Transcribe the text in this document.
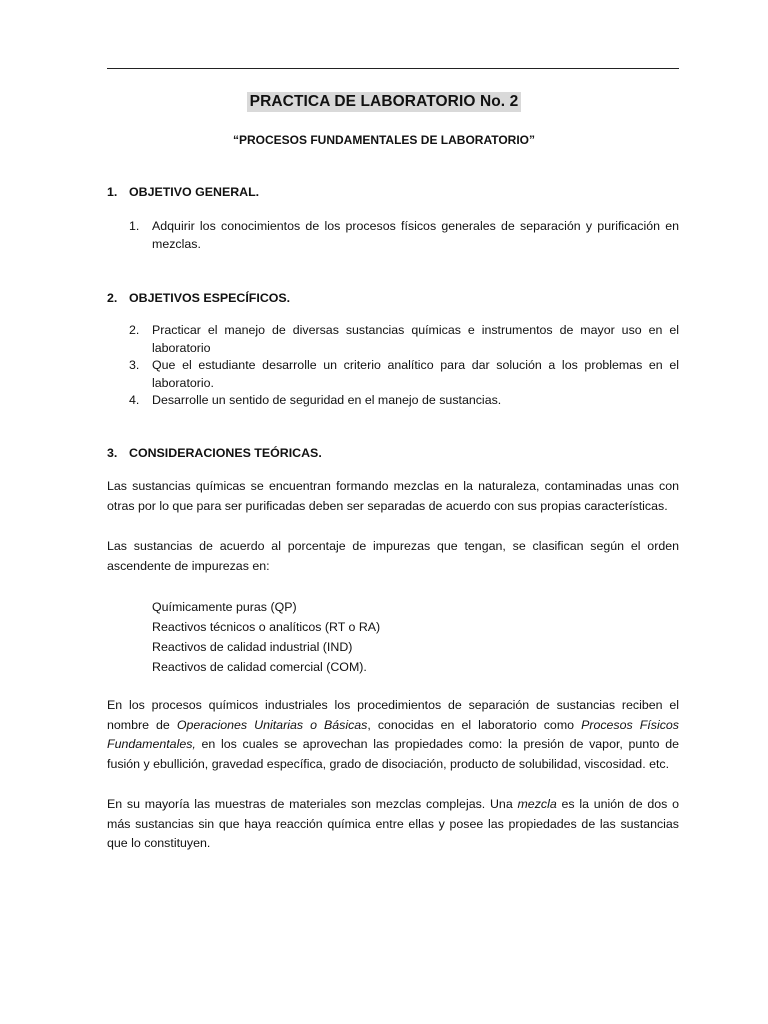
PRACTICA DE LABORATORIO No. 2
“PROCESOS FUNDAMENTALES DE LABORATORIO”
1. OBJETIVO GENERAL.
1.	Adquirir los conocimientos de los procesos físicos generales de separación y purificación en mezclas.
2. OBJETIVOS ESPECÍFICOS.
2.	Practicar el manejo de diversas sustancias químicas e instrumentos de mayor uso en el laboratorio
3.	Que el estudiante desarrolle un criterio analítico para dar solución a los problemas en el laboratorio.
4.	Desarrolle un sentido de seguridad en el manejo de sustancias.
3. CONSIDERACIONES TEÓRICAS.
Las sustancias químicas se encuentran formando mezclas en la naturaleza, contaminadas unas con otras por lo que para ser purificadas deben ser separadas de acuerdo con sus propias características.
Las sustancias de acuerdo al porcentaje de impurezas que tengan, se clasifican según el orden ascendente de impurezas en:
Químicamente puras (QP)
Reactivos técnicos o analíticos (RT o RA)
Reactivos de calidad industrial (IND)
Reactivos de calidad comercial (COM).
En los procesos químicos industriales los procedimientos de separación de sustancias reciben el nombre de Operaciones Unitarias o Básicas, conocidas en el laboratorio como Procesos Físicos Fundamentales, en los cuales se aprovechan las propiedades como: la presión de vapor, punto de fusión y ebullición, gravedad específica, grado de disociación, producto de solubilidad, viscosidad. etc.
En su mayoría las muestras de materiales son mezclas complejas. Una mezcla es la unión de dos o más sustancias sin que haya reacción química entre ellas y posee las propiedades de las sustancias que lo constituyen.
